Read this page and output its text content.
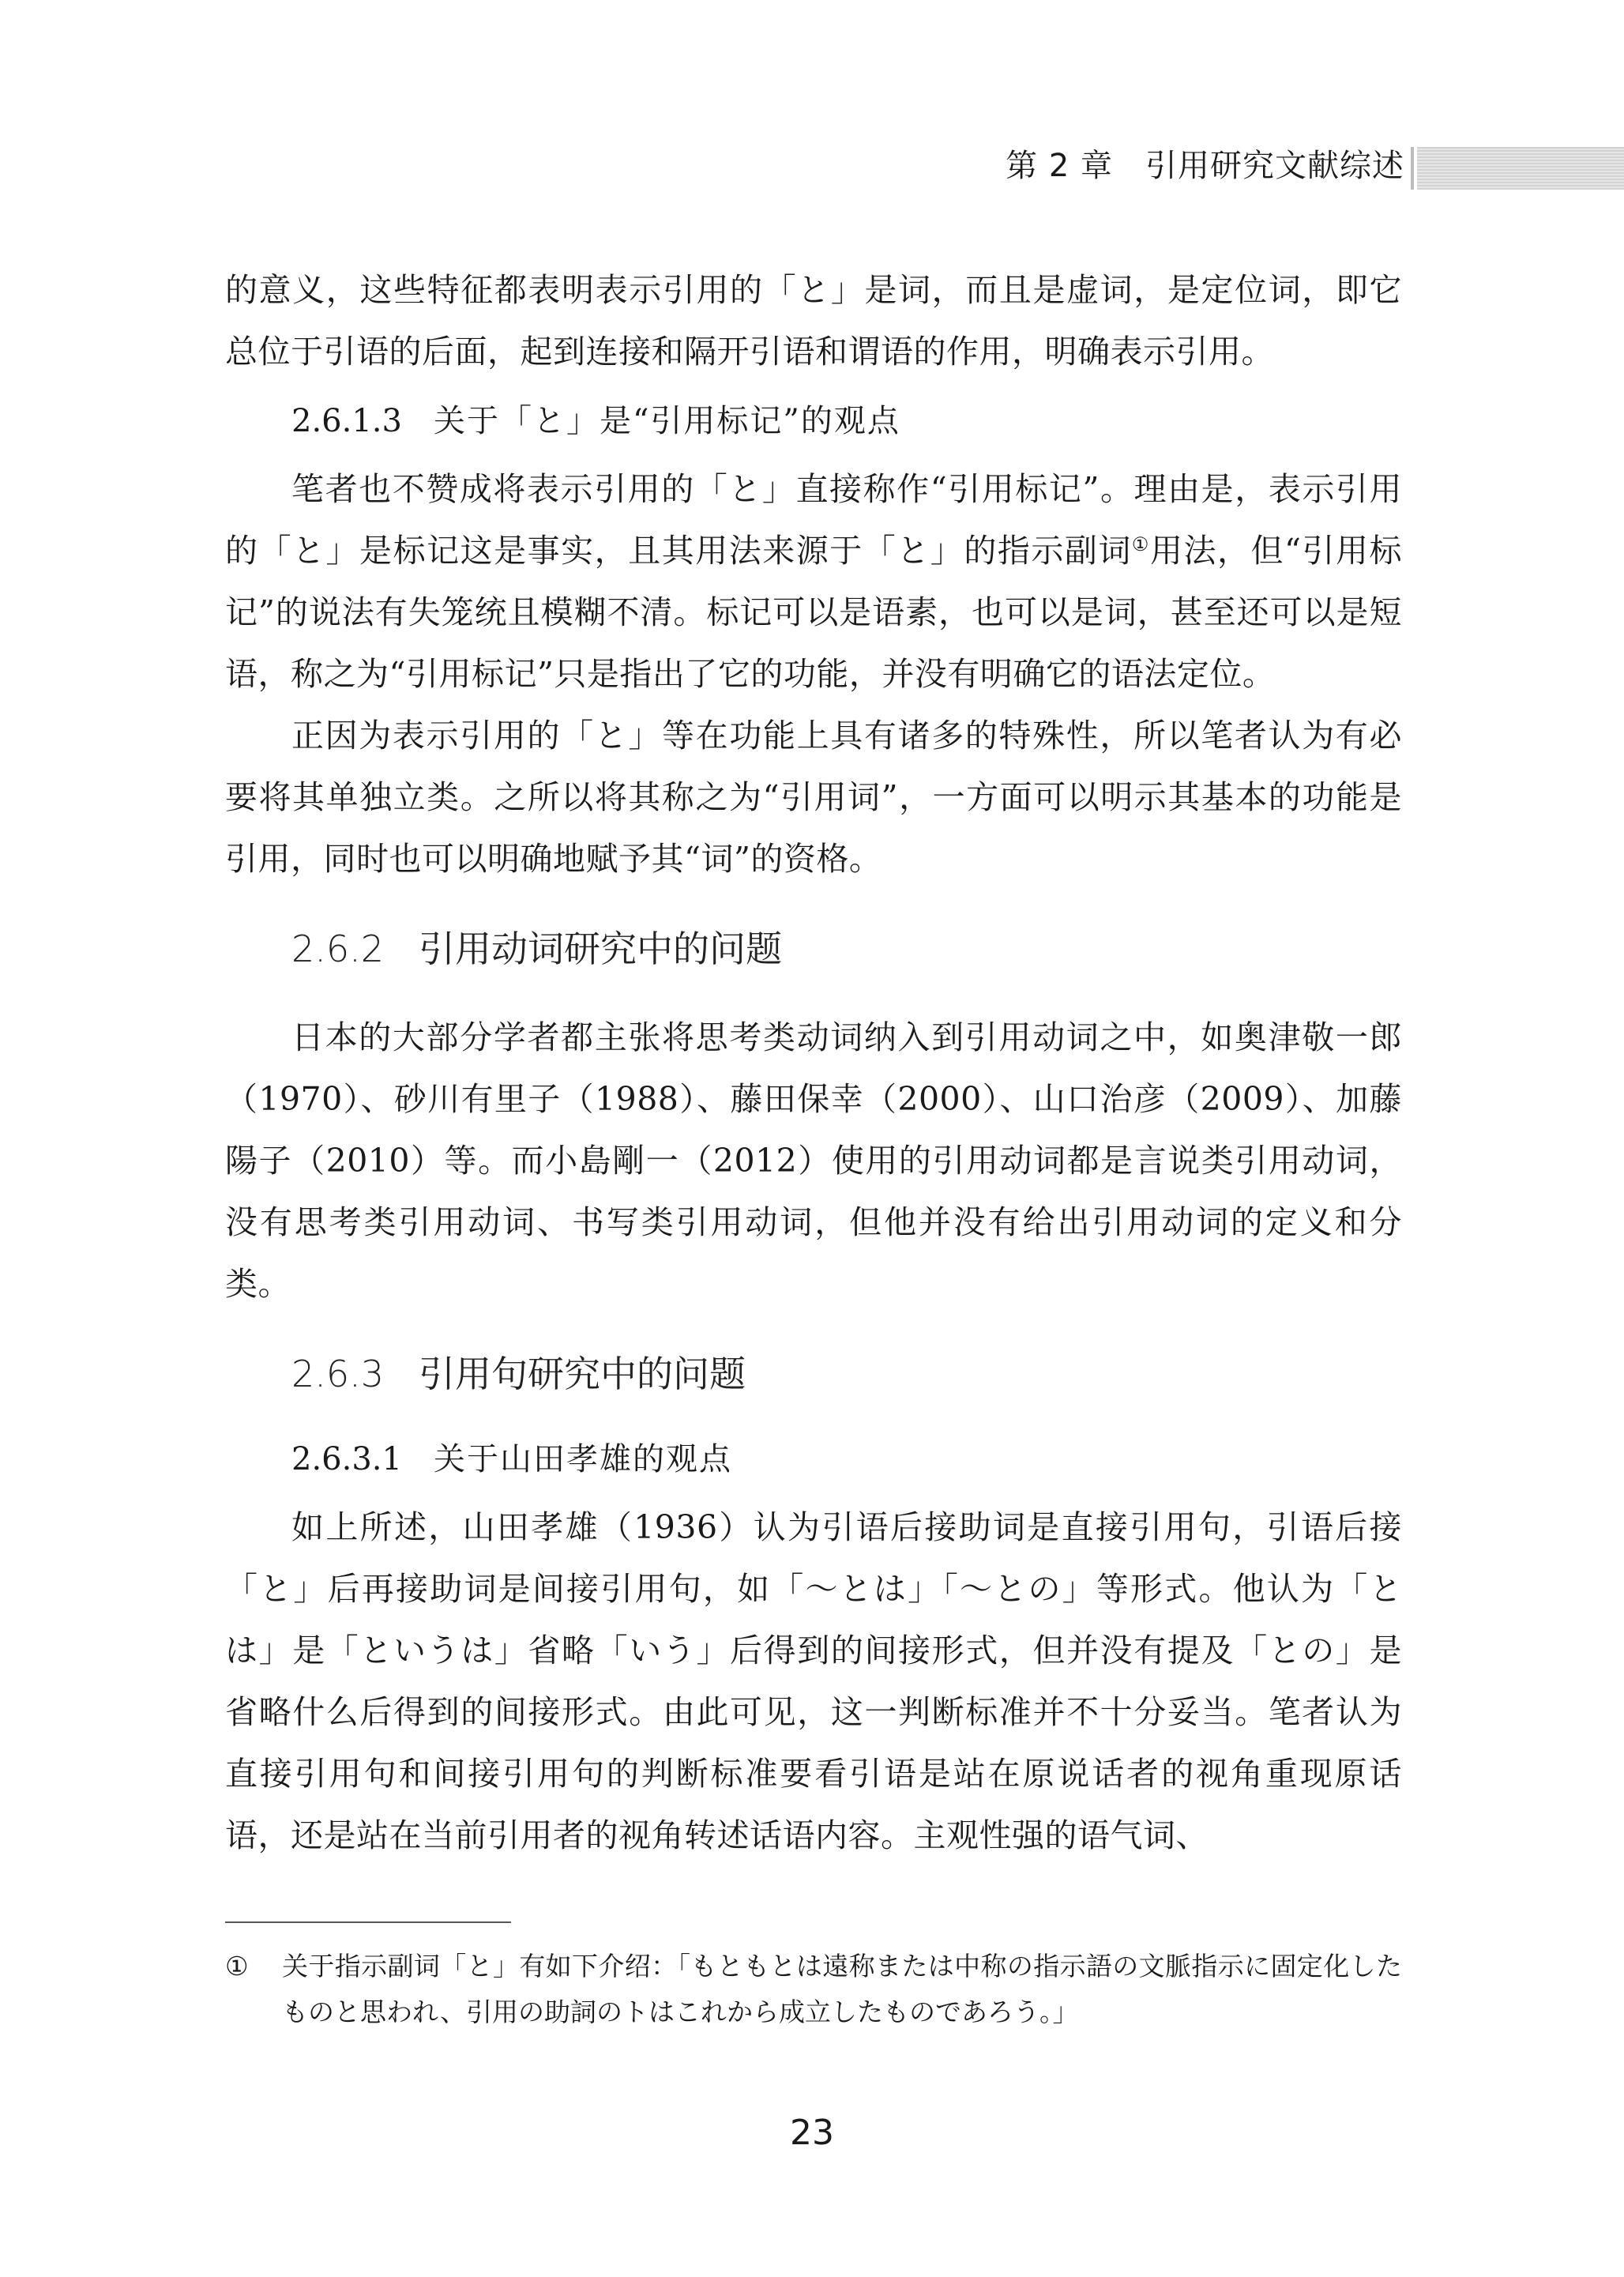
第 2 章　引用研究文献综述

的意义，这些特征都表明表示引用的「と」是词，而且是虚词，是定位词，即它总位于引语的后面，起到连接和隔开引语和谓语的作用，明确表示引用。

2.6.1.3 关于「と」是“引用标记”的观点

笔者也不赞成将表示引用的「と」直接称作“引用标记”。理由是，表示引用的「と」是标记这是事实，且其用法来源于「と」的指示副词①用法，但“引用标记”的说法有失笼统且模糊不清。标记可以是语素，也可以是词，甚至还可以是短语，称之为“引用标记”只是指出了它的功能，并没有明确它的语法定位。

正因为表示引用的「と」等在功能上具有诸多的特殊性，所以笔者认为有必要将其单独立类。之所以将其称之为“引用词”，一方面可以明示其基本的功能是引用，同时也可以明确地赋予其“词”的资格。

2.6.2 引用动词研究中的问题

日本的大部分学者都主张将思考类动词纳入到引用动词之中，如奥津敬一郎（1970）、砂川有里子（1988）、藤田保幸（2000）、山口治彦（2009）、加藤陽子（2010）等。而小島剛一（2012）使用的引用动词都是言说类引用动词，没有思考类引用动词、书写类引用动词，但他并没有给出引用动词的定义和分类。

2.6.3 引用句研究中的问题
2.6.3.1 关于山田孝雄的观点

如上所述，山田孝雄（1936）认为引语后接助词是直接引用句，引语后接「と」后再接助词是间接引用句，如「～とは」「～との」等形式。他认为「とは」是「というは」省略「いう」后得到的间接形式，但并没有提及「との」是省略什么后得到的间接形式。由此可见，这一判断标准并不十分妥当。笔者认为直接引用句和间接引用句的判断标准要看引语是站在原说话者的视角重现原话语，还是站在当前引用者的视角转述话语内容。主观性强的语气词、

① 关于指示副词「と」有如下介绍：「もともとは遠称または中称の指示語の文脈指示に固定化したものと思われ、引用の助詞のトはこれから成立したものであろう。」
23
